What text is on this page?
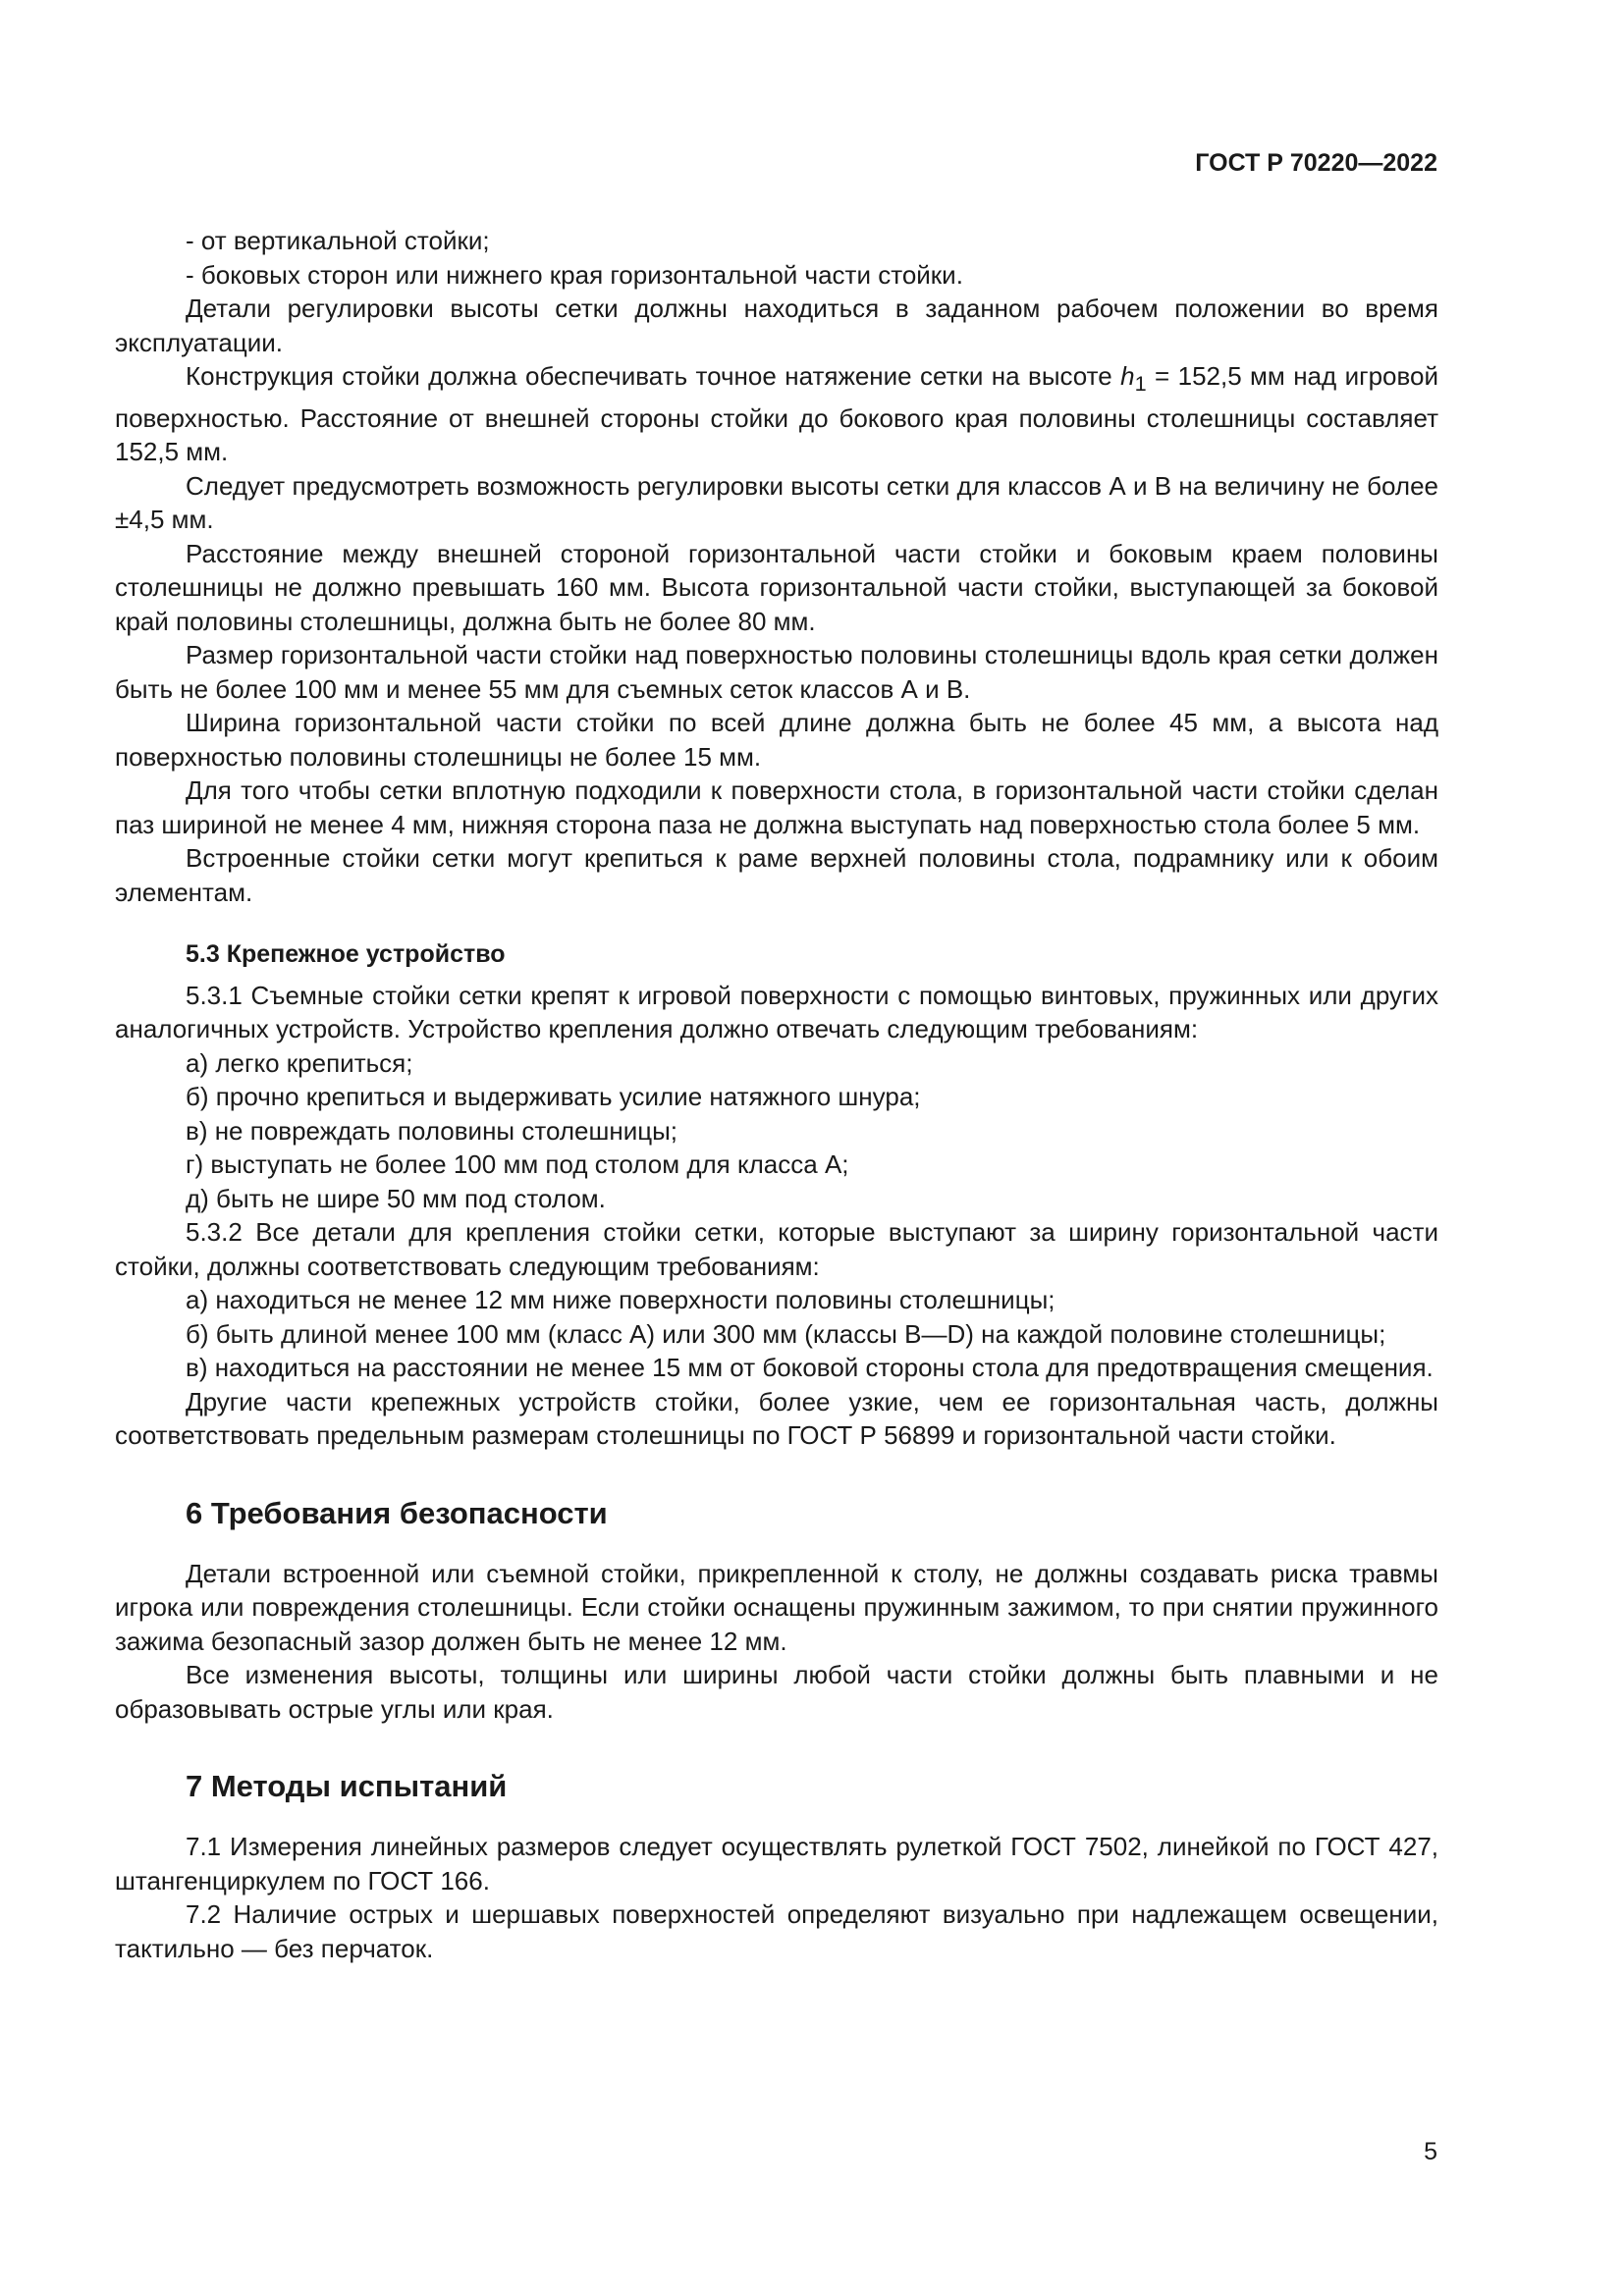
ГОСТ Р 70220—2022

- от вертикальной стойки;

- боковых сторон или нижнего края горизонтальной части стойки.

Детали регулировки высоты сетки должны находиться в заданном рабочем положении во время эксплуатации.

Конструкция стойки должна обеспечивать точное натяжение сетки на высоте $h_1 = 152,5$ мм над игровой поверхностью. Расстояние от внешней стороны стойки до бокового края половины столешницы составляет 152,5 мм.

Следует предусмотреть возможность регулировки высоты сетки для классов А и В на величину не более ±4,5 мм.

Расстояние между внешней стороной горизонтальной части стойки и боковым краем половины столешницы не должно превышать 160 мм. Высота горизонтальной части стойки, выступающей за боковой край половины столешницы, должна быть не более 80 мм.

Размер горизонтальной части стойки над поверхностью половины столешницы вдоль края сетки должен быть не более 100 мм и менее 55 мм для съемных сеток классов А и В.

Ширина горизонтальной части стойки по всей длине должна быть не более 45 мм, а высота над поверхностью половины столешницы не более 15 мм.

Для того чтобы сетки вплотную подходили к поверхности стола, в горизонтальной части стойки сделан паз шириной не менее 4 мм, нижняя сторона паза не должна выступать над поверхностью стола более 5 мм.

Встроенные стойки сетки могут крепиться к раме верхней половины стола, подрамнику или к обоим элементам.

5.3 Крепежное устройство

5.3.1 Съемные стойки сетки крепят к игровой поверхности с помощью винтовых, пружинных или других аналогичных устройств. Устройство крепления должно отвечать следующим требованиям:

а) легко крепиться;

б) прочно крепиться и выдерживать усилие натяжного шнура;

в) не повреждать половины столешницы;

г) выступать не более 100 мм под столом для класса А;

д) быть не шире 50 мм под столом.

5.3.2 Все детали для крепления стойки сетки, которые выступают за ширину горизонтальной части стойки, должны соответствовать следующим требованиям:

а) находиться не менее 12 мм ниже поверхности половины столешницы;

б) быть длиной менее 100 мм (класс А) или 300 мм (классы В—D) на каждой половине столешницы;

в) находиться на расстоянии не менее 15 мм от боковой стороны стола для предотвращения смещения.

Другие части крепежных устройств стойки, более узкие, чем ее горизонтальная часть, должны соответствовать предельным размерам столешницы по ГОСТ Р 56899 и горизонтальной части стойки.

6 Требования безопасности

Детали встроенной или съемной стойки, прикрепленной к столу, не должны создавать риска травмы игрока или повреждения столешницы. Если стойки оснащены пружинным зажимом, то при снятии пружинного зажима безопасный зазор должен быть не менее 12 мм.

Все изменения высоты, толщины или ширины любой части стойки должны быть плавными и не образовывать острые углы или края.

7 Методы испытаний

7.1 Измерения линейных размеров следует осуществлять рулеткой ГОСТ 7502, линейкой по ГОСТ 427, штангенциркулем по ГОСТ 166.

7.2 Наличие острых и шершавых поверхностей определяют визуально при надлежащем освещении, тактильно — без перчаток.

5
